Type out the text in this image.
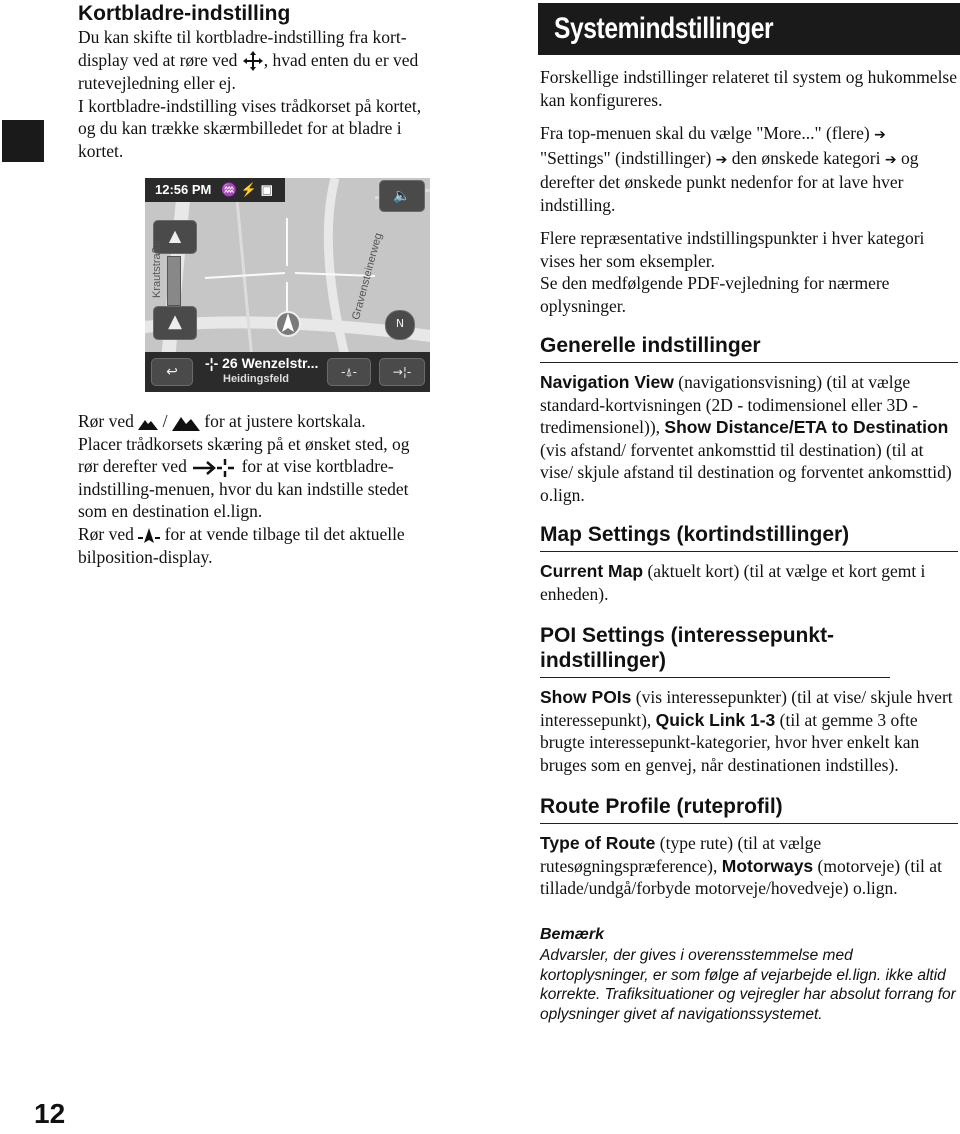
12
Kortbladre-indstilling

Du kan skifte til kortbladre-indstilling fra kort-

display ved at røre ved , hvad enten du er ved

rutevejledning eller ej.

I kortbladre-indstilling vises trådkorset på kortet,

og du kan trække skærmbilledet for at bladre i

kortet.

12:56 PM ♒ ⚡ ▣	🔈
▲
▲
Krautstraße	Gravensteinerweg
N
↩
-¦- 26 Wenzelstr...
Heidingsfeld	-⍋-	→¦-

Rør ved / for at justere kortskala.

Placer trådkorsets skæring på et ønsket sted, og

rør derefter ved	for at vise kortbladre-

indstilling-menuen, hvor du kan indstille stedet

som en destination el.lign.

Rør ved for at vende tilbage til det aktuelle

bilposition-display.

Systemindstillinger

Forskellige indstillinger relateret til system og hukommelse kan konfigureres.

Fra top-menuen skal du vælge "More..." (flere) ➔ "Settings" (indstillinger) ➔ den ønskede kategori ➔ og derefter det ønskede punkt nedenfor for at lave hver indstilling.

Flere repræsentative indstillingspunkter i hver kategori vises her som eksempler.

Se den medfølgende PDF-vejledning for nærmere oplysninger.

Generelle indstillinger

Navigation View (navigationsvisning) (til at vælge standard-kortvisningen (2D - todimensionel eller 3D - tredimensionel)), Show Distance/ETA to Destination (vis afstand/ forventet ankomsttid til destination) (til at vise/ skjule afstand til destination og forventet ankomsttid) o.lign.

Map Settings (kortindstillinger)

Current Map (aktuelt kort) (til at vælge et kort gemt i enheden).

POI Settings (interessepunkt-indstillinger)

Show POIs (vis interessepunkter) (til at vise/ skjule hvert interessepunkt), Quick Link 1-3 (til at gemme 3 ofte brugte interessepunkt-kategorier, hvor hver enkelt kan bruges som en genvej, når destinationen indstilles).

Route Profile (ruteprofil)

Type of Route (type rute) (til at vælge rutesøgningspræference), Motorways (motorveje) (til at tillade/undgå/forbyde motorveje/hovedveje) o.lign.

Bemærk
Advarsler, der gives i overensstemmelse med kortoplysninger, er som følge af vejarbejde el.lign. ikke altid korrekte. Trafiksituationer og vejregler har absolut forrang for oplysninger givet af navigationssystemet.
